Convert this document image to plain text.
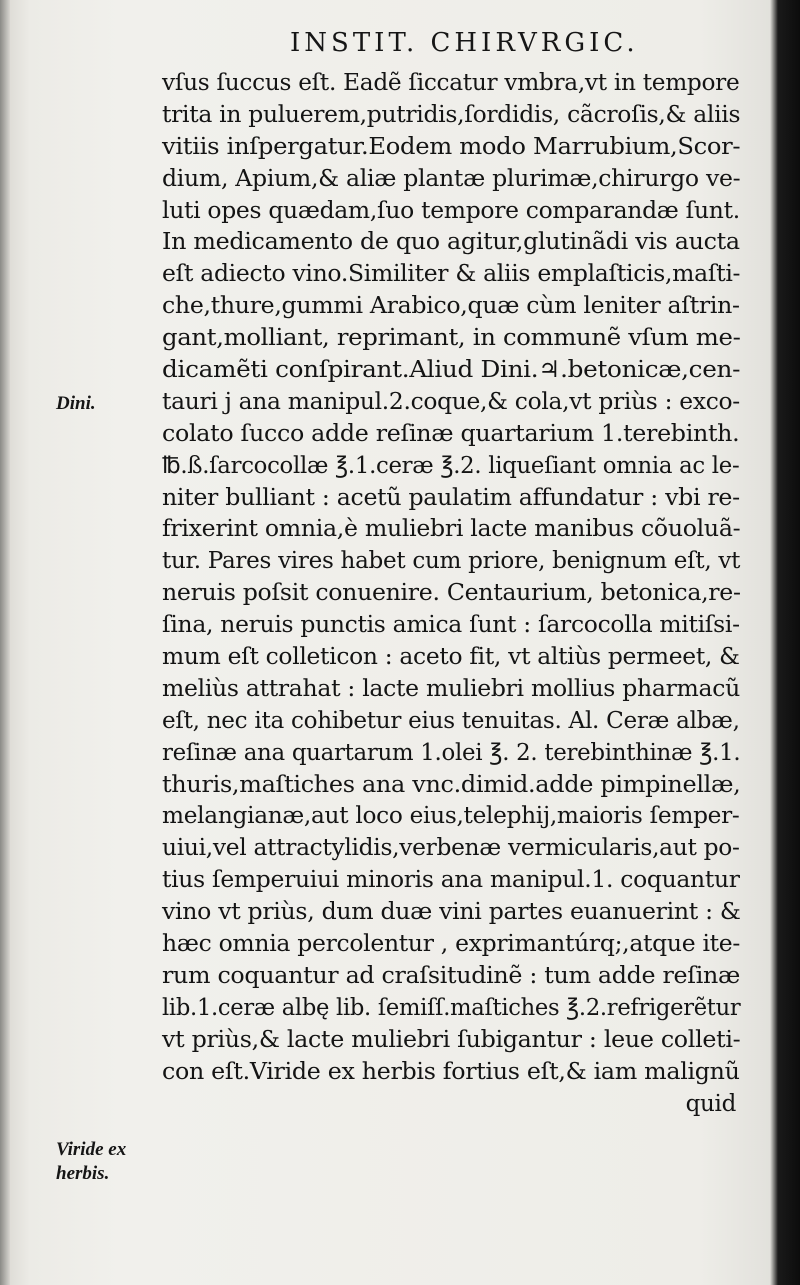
INSTIT. CHIRVRGIC.
Dini.
Viride ex
herbis.
vſus ſuccus eſt. Eadẽ ſiccatur vmbra,vt in tempore
trita in puluerem,putridis,ſordidis, cãcroſis,& aliis
vitiis inſpergatur.Eodem modo Marrubium,Scor-
dium, Apium,& aliæ plantæ plurimæ,chirurgo ve-
luti opes quædam,ſuo tempore comparandæ ſunt.
In medicamento de quo agitur,glutinãdi vis aucta
eſt adiecto vino.Similiter & aliis emplaſticis,maſti-
che,thure,gummi Arabico,quæ cùm leniter aſtrin-
gant,molliant, reprimant, in communẽ vſum me-
dicamẽti conſpirant.Aliud Dini.♃.betonicæ,cen-
tauri j ana manipul.2.coque,& cola,vt priùs : exco-
colato ſucco adde reſinæ quartarium 1.terebinth.
℔.ß.ſarcocollæ ℥.1.ceræ ℥.2. liqueſiant omnia ac le-
niter bulliant : acetũ paulatim affundatur : vbi re-
frixerint omnia,è muliebri lacte manibus cõuoluã-
tur. Pares vires habet cum priore, benignum eſt, vt
neruis poſsit conuenire. Centaurium, betonica,re-
ſina, neruis punctis amica ſunt : ſarcocolla mitiſsi-
mum eſt colleticon : aceto fit, vt altiùs permeet, &
meliùs attrahat : lacte muliebri mollius pharmacũ
eſt, nec ita cohibetur eius tenuitas. Al. Ceræ albæ,
reſinæ ana quartarum 1.olei ℥. 2. terebinthinæ ℥.1.
thuris,maſtiches ana vnc.dimid.adde pimpinellæ,
melangianæ,aut loco eius,telephij,maioris ſemper-
uiui,vel attractylidis,verbenæ vermicularis,aut po-
tius ſemperuiui minoris ana manipul.1. coquantur
vino vt priùs, dum duæ vini partes euanuerint : &
hæc omnia percolentur , exprimantúrq;,atque ite-
rum coquantur ad craſsitudinẽ : tum adde reſinæ
lib.1.ceræ albę lib. ſemiſſ.maſtiches ℥.2.refrigerẽtur
vt priùs,& lacte muliebri ſubigantur : leue colleti-
con eſt.Viride ex herbis fortius eſt,& iam malignũ
quid
